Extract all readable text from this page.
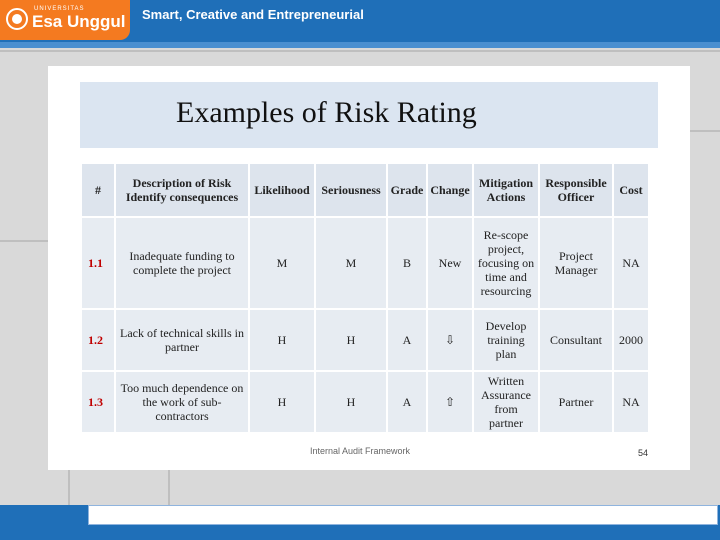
UNIVERSITAS
Esa Unggul Smart, Creative and Entrepreneurial
Examples of Risk Rating
#	Description of Risk Identify consequences	Likelihood	Seriousness	Grade	Change	Mitigation Actions	Responsible Officer	Cost
1.1	Inadequate funding to complete the project	M	M	B	New	Re-scope project, focusing on time and resourcing	Project Manager	NA
1.2	Lack of technical skills in partner	H	H	A	⇩	Develop training plan	Consultant	2000
1.3	Too much dependence on the work of sub-contractors	H	H	A	⇧	Written Assurance from partner	Partner	NA
Internal Audit Framework	54
